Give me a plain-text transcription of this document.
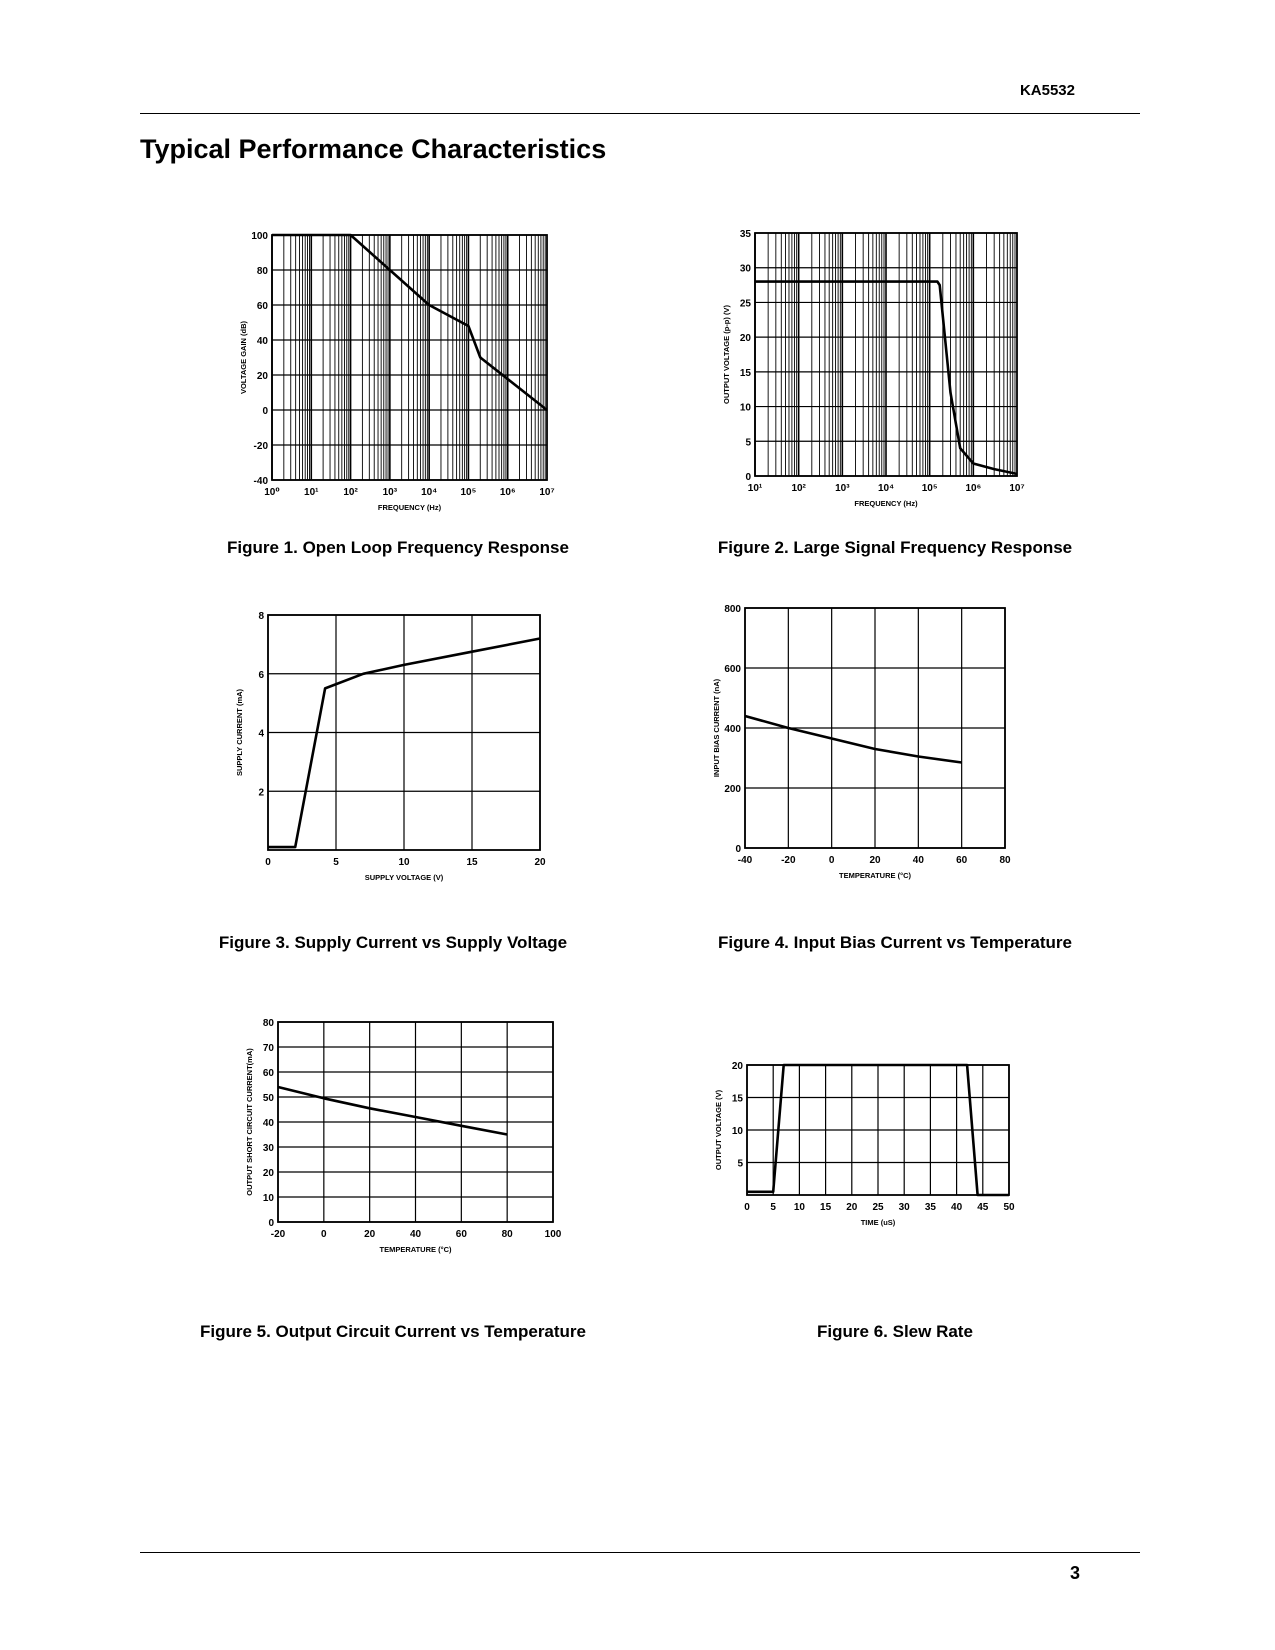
KA5532
Typical Performance Characteristics
100
80
60
40
20
0
-20
-40
10⁰ 10¹ 10² 10³ 10⁴ 10⁵ 10⁶ 10⁷
FREQUENCY (Hz)
VOLTAGE GAIN (dB)
Figure 1. Open Loop Frequency Response
35
30
25
20
15
10
5
0
10¹	10²	10³	10⁴	10⁵	10⁶	10⁷
FREQUENCY (Hz)
OUTPUT VOLTAGE (p-p) (V)
Figure 2. Large Signal Frequency Response
8
6
4
2
0	5	10	15	20
SUPPLY VOLTAGE (V)
SUPPLY CURRENT (mA)
Figure 3. Supply Current vs Supply Voltage
800
600
400
200
0
-40	-20	0	20	40	60	80
TEMPERATURE (°C)
INPUT BIAS CURRENT (nA)
Figure 4. Input Bias Current vs Temperature
80
70
60
50
40
30
20
10
0
-20	0	20	40	60	80	100
TEMPERATURE (°C)
OUTPUT SHORT CIRCUIT CURRENT(mA)
Figure 5. Output Circuit Current vs Temperature
20
15
10
5
0 5 10 15 20 25 30 35 40 45 50
TIME (uS)
OUTPUT VOLTAGE (V)
Figure 6. Slew Rate
3
